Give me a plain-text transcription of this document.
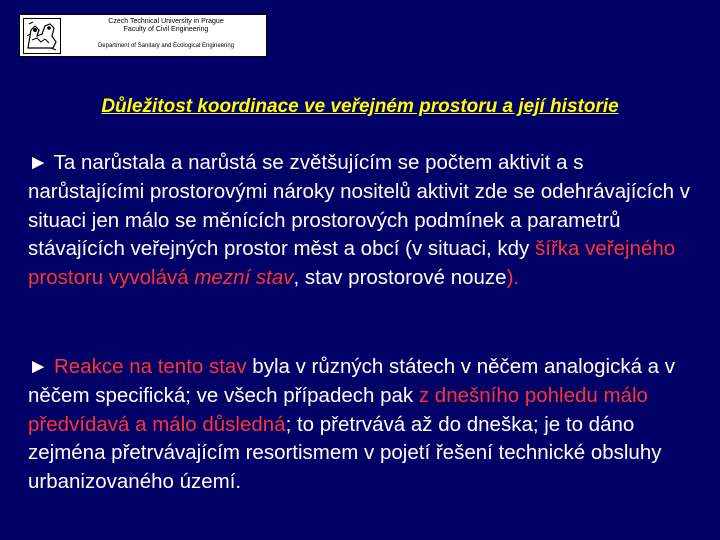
Czech Technical University in Prague
Faculty of Civil Engineering
Department of Sanitary and Ecological Engineering
Důležitost koordinace ve veřejném prostoru a její historie
► Ta narůstala a narůstá se zvětšujícím se počtem aktivit a s narůstajícími prostorovými nároky nositelů aktivit zde se odehrávajících v situaci jen málo se měnících prostorových podmínek a parametrů stávajících veřejných prostor měst a obcí (v situaci, kdy šířka veřejného prostoru vyvolává mezní stav, stav prostorové nouze).
► Reakce na tento stav byla v různých státech v něčem analogická a v něčem specifická; ve všech případech pak z dnešního pohledu málo předvídavá a málo důsledná; to přetrvává až do dneška; je to dáno zejména přetrvávajícím resortismem v pojetí řešení technické obsluhy urbanizovaného území.
